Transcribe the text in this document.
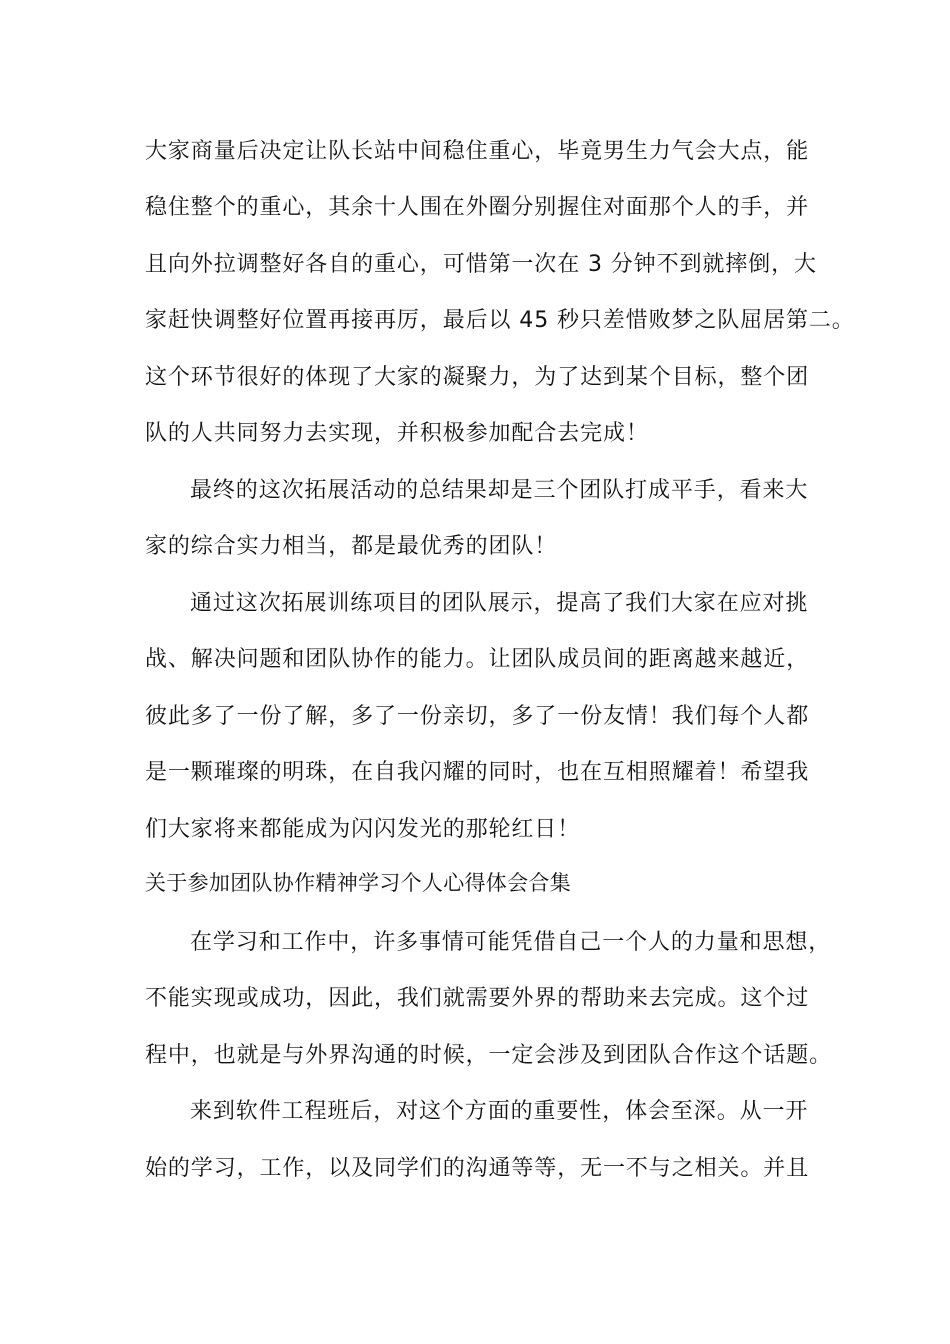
大家商量后决定让队长站中间稳住重心，毕竟男生力气会大点，能
稳住整个的重心，其余十人围在外圈分别握住对面那个人的手，并
且向外拉调整好各自的重心，可惜第一次在 3 分钟不到就摔倒，大
家赶快调整好位置再接再厉，最后以 45 秒只差惜败梦之队屈居第二。
这个环节很好的体现了大家的凝聚力，为了达到某个目标，整个团
队的人共同努力去实现，并积极参加配合去完成！
最终的这次拓展活动的总结果却是三个团队打成平手，看来大
家的综合实力相当，都是最优秀的团队！
通过这次拓展训练项目的团队展示，提高了我们大家在应对挑
战、解决问题和团队协作的能力。让团队成员间的距离越来越近，
彼此多了一份了解，多了一份亲切，多了一份友情！我们每个人都
是一颗璀璨的明珠，在自我闪耀的同时，也在互相照耀着！希望我
们大家将来都能成为闪闪发光的那轮红日！
关于参加团队协作精神学习个人心得体会合集
在学习和工作中，许多事情可能凭借自己一个人的力量和思想，
不能实现或成功，因此，我们就需要外界的帮助来去完成。这个过
程中，也就是与外界沟通的时候，一定会涉及到团队合作这个话题。
来到软件工程班后，对这个方面的重要性，体会至深。从一开
始的学习，工作，以及同学们的沟通等等，无一不与之相关。并且
